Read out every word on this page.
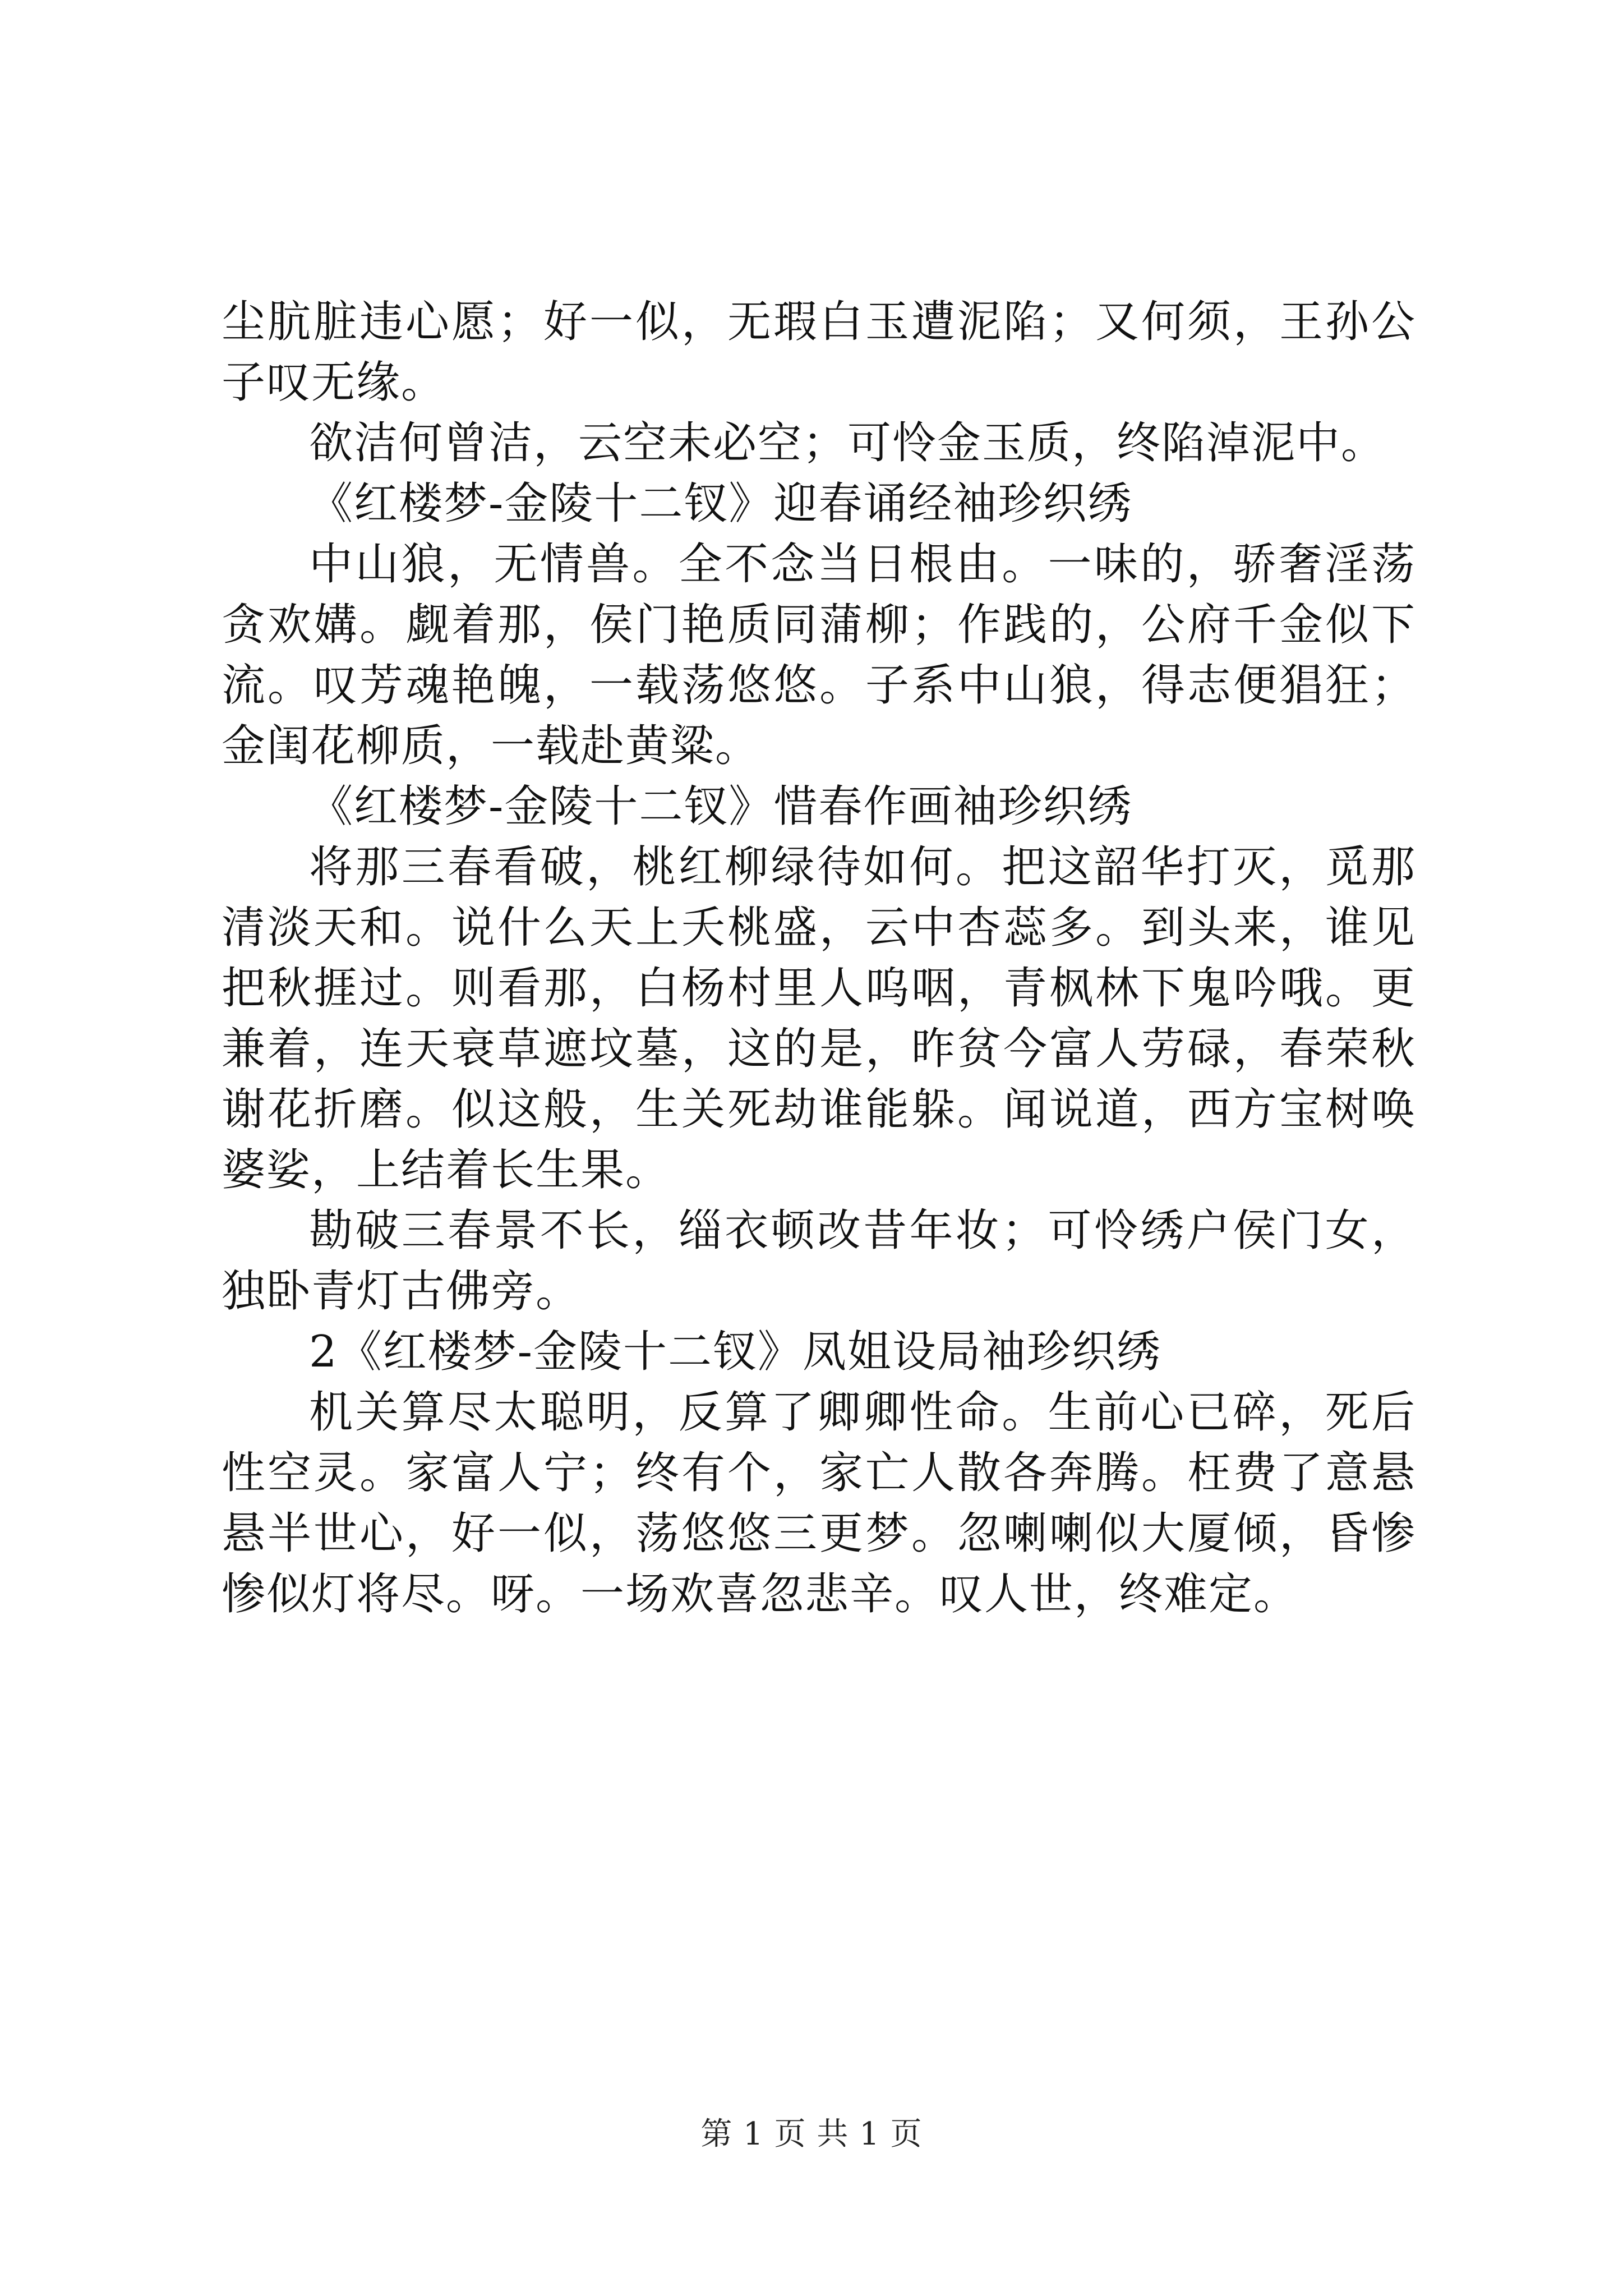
尘肮脏违心愿；好一似，无瑕白玉遭泥陷；又何须，王孙公子叹无缘。

欲洁何曾洁，云空未必空；可怜金玉质，终陷淖泥中。

《红楼梦-金陵十二钗》迎春诵经袖珍织绣

中山狼，无情兽。全不念当日根由。一味的，骄奢淫荡贪欢媾。觑着那，侯门艳质同蒲柳；作践的，公府千金似下流。叹芳魂艳魄，一载荡悠悠。子系中山狼，得志便猖狂；金闺花柳质，一载赴黄粱。

《红楼梦-金陵十二钗》惜春作画袖珍织绣

将那三春看破，桃红柳绿待如何。把这韶华打灭，觅那清淡天和。说什么天上夭桃盛，云中杏蕊多。到头来，谁见把秋捱过。则看那，白杨村里人呜咽，青枫林下鬼吟哦。更兼着，连天衰草遮坟墓，这的是，昨贫今富人劳碌，春荣秋谢花折磨。似这般，生关死劫谁能躲。闻说道，西方宝树唤婆娑，上结着长生果。

勘破三春景不长，缁衣顿改昔年妆；可怜绣户侯门女，独卧青灯古佛旁。

2《红楼梦-金陵十二钗》凤姐设局袖珍织绣

机关算尽太聪明，反算了卿卿性命。生前心已碎，死后性空灵。家富人宁；终有个，家亡人散各奔腾。枉费了意悬悬半世心，好一似，荡悠悠三更梦。忽喇喇似大厦倾，昏惨惨似灯将尽。呀。一场欢喜忽悲辛。叹人世，终难定。

第 1 页 共 1 页
